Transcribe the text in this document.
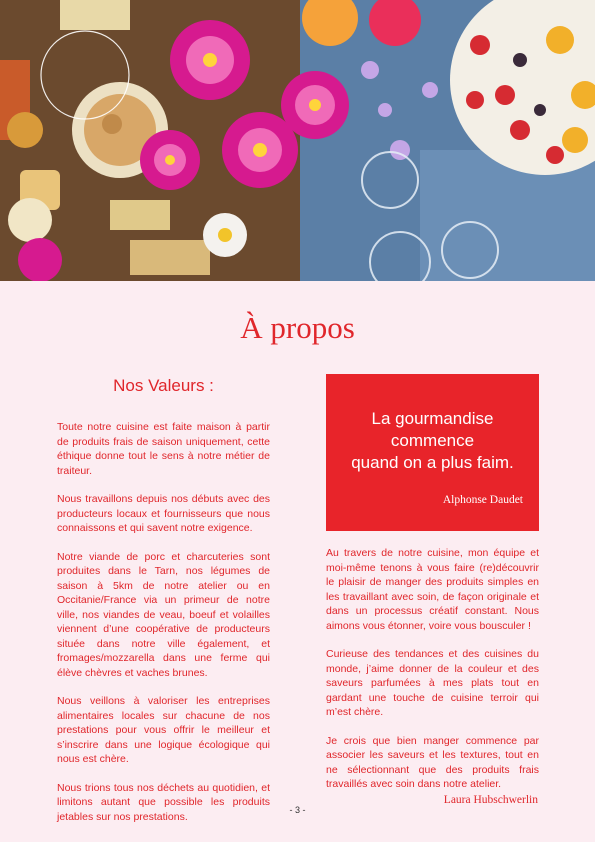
À propos
Nos Valeurs :

Toute notre cuisine est faite maison à partir de produits frais de saison uniquement, cette éthique donne tout le sens à notre métier de traiteur.

Nous travaillons depuis nos débuts avec des producteurs locaux et fournisseurs que nous connaissons et qui savent notre exigence.

Notre viande de porc et charcuteries sont produites dans le Tarn, nos légumes de saison à 5km de notre atelier ou en Occitanie/France via un primeur de notre ville, nos viandes de veau, boeuf et volailles viennent d’une coopérative de producteurs située dans notre ville également, et fromages/mozzarella dans une ferme qui élève chèvres et vaches brunes.

Nous veillons à valoriser les entreprises alimentaires locales sur chacune de nos prestations pour vous offrir le meilleur et s’inscrire dans une logique écologique qui nous est chère.

Nous trions tous nos déchets au quotidien, et limitons autant que possible les produits jetables sur nos prestations.

La gourmandise
commence
quand on a plus faim.
Alphonse Daudet

Au travers de notre cuisine, mon équipe et moi-même tenons à vous faire (re)découvrir le plaisir de manger des produits simples en les travaillant avec soin, de façon originale et dans un processus créatif constant. Nous aimons vous étonner, voire vous bousculer !

Curieuse des tendances et des cuisines du monde, j’aime donner de la couleur et des saveurs parfumées à mes plats tout en gardant une touche de cuisine terroir qui m’est chère.

Je crois que bien manger commence par associer les saveurs et les textures, tout en ne sélectionnant que des produits frais travaillés avec soin dans notre atelier.

Laura Hubschwerlin
- 3 -
